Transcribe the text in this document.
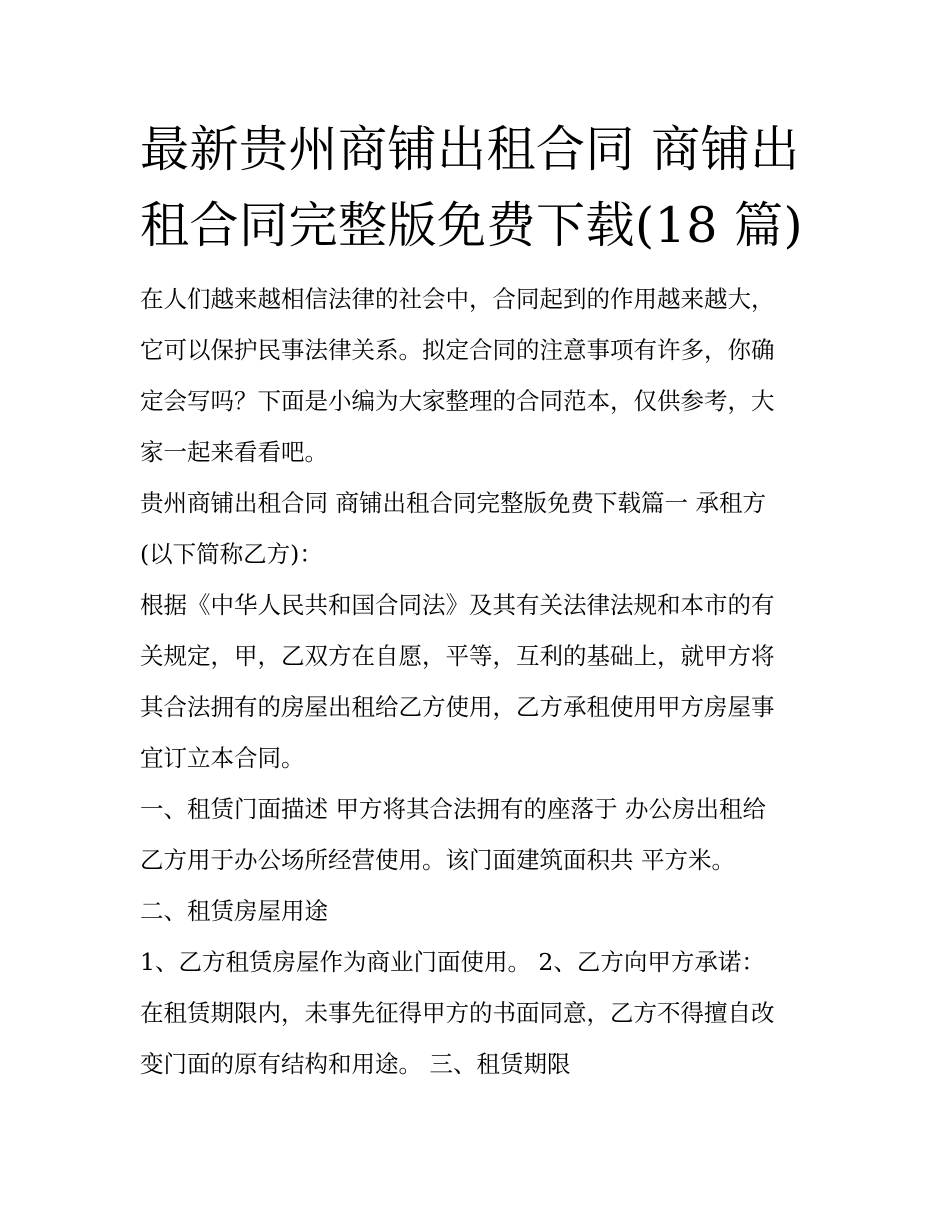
最新贵州商铺出租合同 商铺出
租合同完整版免费下载(18 篇)
在人们越来越相信法律的社会中，合同起到的作用越来越大，
它可以保护民事法律关系。拟定合同的注意事项有许多，你确
定会写吗？下面是小编为大家整理的合同范本，仅供参考，大
家一起来看看吧。
贵州商铺出租合同 商铺出租合同完整版免费下载篇一 承租方
(以下简称乙方)：
根据《中华人民共和国合同法》及其有关法律法规和本市的有
关规定，甲，乙双方在自愿，平等，互利的基础上，就甲方将
其合法拥有的房屋出租给乙方使用，乙方承租使用甲方房屋事
宜订立本合同。
一、租赁门面描述 甲方将其合法拥有的座落于 办公房出租给
乙方用于办公场所经营使用。该门面建筑面积共 平方米。
二、租赁房屋用途
1、乙方租赁房屋作为商业门面使用。 2、乙方向甲方承诺：
在租赁期限内，未事先征得甲方的书面同意，乙方不得擅自改
变门面的原有结构和用途。 三、租赁期限
